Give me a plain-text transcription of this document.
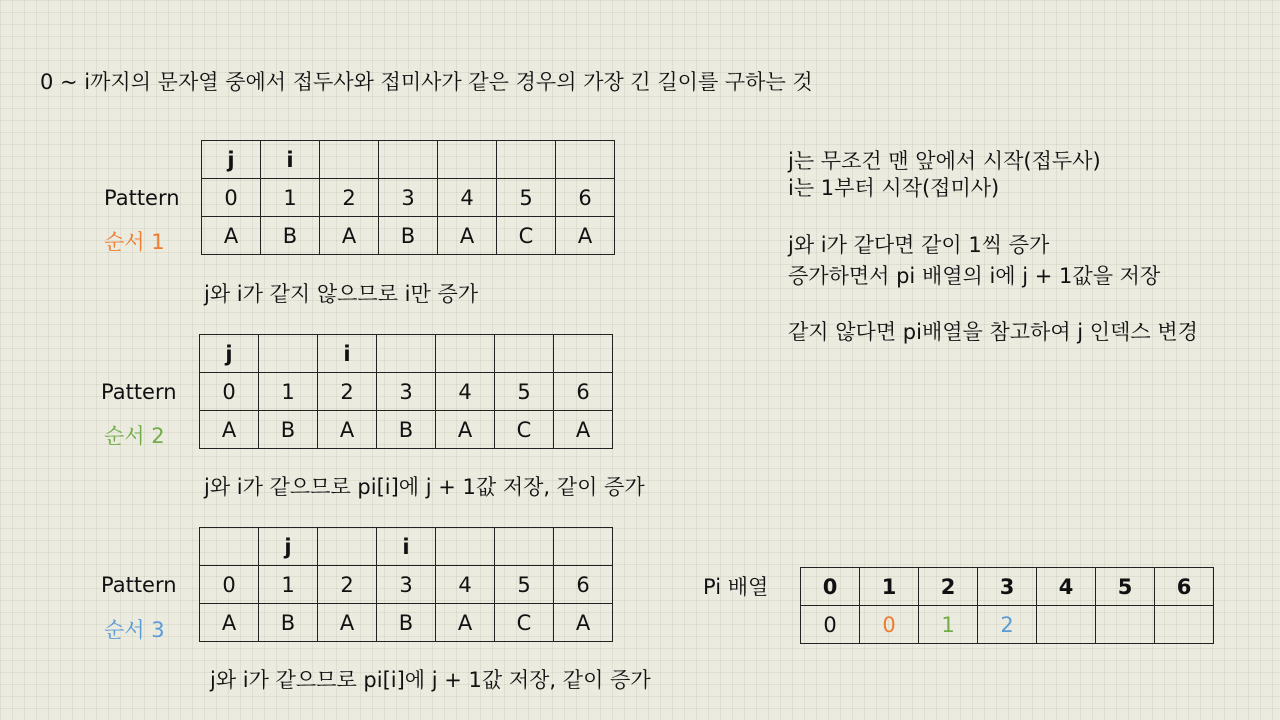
0 ~ i까지의 문자열 중에서 접두사와 접미사가 같은 경우의 가장 긴 길이를 구하는 것
Pattern
순서 1
j	i					
0	1	2	3	4	5	6
A	B	A	B	A	C	A
j와 i가 같지 않으므로 i만 증가
Pattern
순서 2
j		i				
0	1	2	3	4	5	6
A	B	A	B	A	C	A
j와 i가 같으므로 pi[i]에 j + 1값 저장, 같이 증가
Pattern
순서 3
	j		i			
0	1	2	3	4	5	6
A	B	A	B	A	C	A
j와 i가 같으므로 pi[i]에 j + 1값 저장, 같이 증가
j는 무조건 맨 앞에서 시작(접두사)
i는 1부터 시작(접미사)
j와 i가 같다면 같이 1씩 증가
증가하면서 pi 배열의 i에 j + 1값을 저장
같지 않다면 pi배열을 참고하여 j 인덱스 변경
Pi 배열	0	1	2	3	4	5	6
0	0	1	2			
